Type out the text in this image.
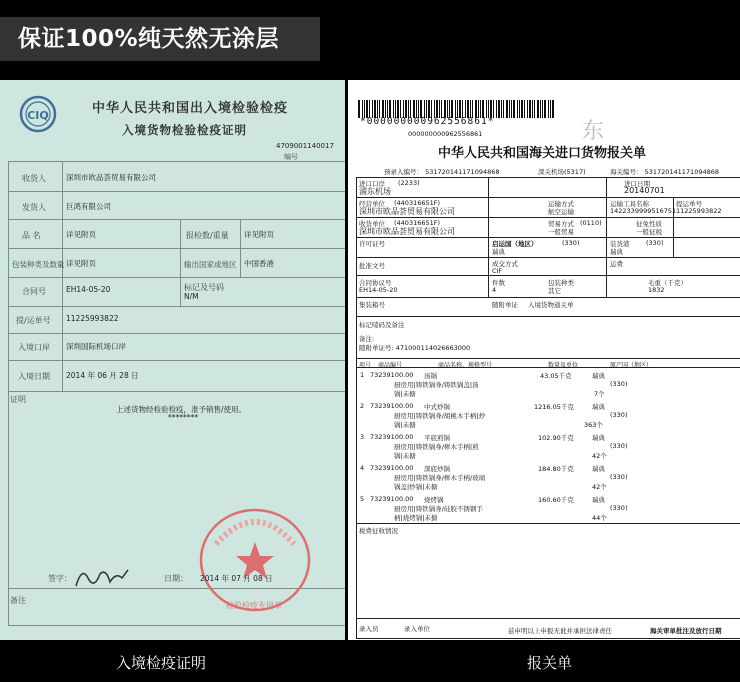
保证100%纯天然无涂层
CIQ	中华人民共和国出入境检验检疫
入境货物检验检疫证明
4709001140017
编号
收货人	深圳市欧品荟贸易有限公司
发货人	巨鸿有限公司
品 名	详见附页	报检数/重量 详见附页
包装种类及数量 详见附页	输出国家或地区 中国香港
合同号	EH14-05-20	标记及号码
N/M
提/运单号 11225993822
入境口岸 深圳国际机场口岸
入境日期 2014 年 06 月 28 日
证明
上述货物经检验检疫，准予销售/使用。
********
检验检疫专用章
签字：	日期： 2014 年 07 月 08 日
备注
*000000000962556861*
000000000962556861	东
中华人民共和国海关进口货物报关单
预录入编号： 531720141171094868	深关机场(5317)	海关编号： 531720141171094868
进口口岸 (2233)
浦东机场
进口日期
20140701
经营单位 (440316651F)
深圳市欧品荟贸易有限公司
运输方式
航空运输
运输工具名称
1422339999516751
提运单号
11225993822
收货单位 (440316651F)
深圳市欧品荟贸易有限公司
贸易方式 (0110)
一般贸易
征免性质
一般征税
许可证号	启运国（地区）	(330)
瑞典
装货港	(330)
瑞典
批准文号	成交方式
CIF
运费
合同协议号
EH14-05-20
件数
4
包装种类
其它
毛重（千克）
1832
集装箱号	随附单证 入境货物通关单
标记唛码及备注
备注:
随附单证号: 471000114026663000
项号 商品编号	商品名称、规格型号	数量及单位	原产国（地区）
1 73239100.00 汤锅
厨房用|铸铁锅身/铸铁锅盖|汤
锅|未搪
43.05千克	瑞典
(330)
7个
2 73239100.00 中式炒锅
厨房用|铸铁锅身/胡桃木手柄|炒
锅|未搪
1216.05千克	瑞典
(330)
363个
3 73239100.00 平底煎锅
厨房用|铸铁锅身/榉木手柄|煎
锅|未搪
102.90千克	瑞典
(330)
42个
4 73239100.00 深底炒锅
厨房用|铸铁锅身/榉木手柄/玻璃
锅盖|炒锅|未搪
184.80千克	瑞典
(330)
42个
5 73239100.00 烧烤锅
厨房用|铸铁锅身/硅胶不锈钢手
柄|烧烤锅|未搪
160.60千克	瑞典
(330)
44个
税费征收情况
录入员	录入单位	兹申明以上申报无讹并承担法律责任	海关审单批注及放行日期
入境检疫证明	报关单
